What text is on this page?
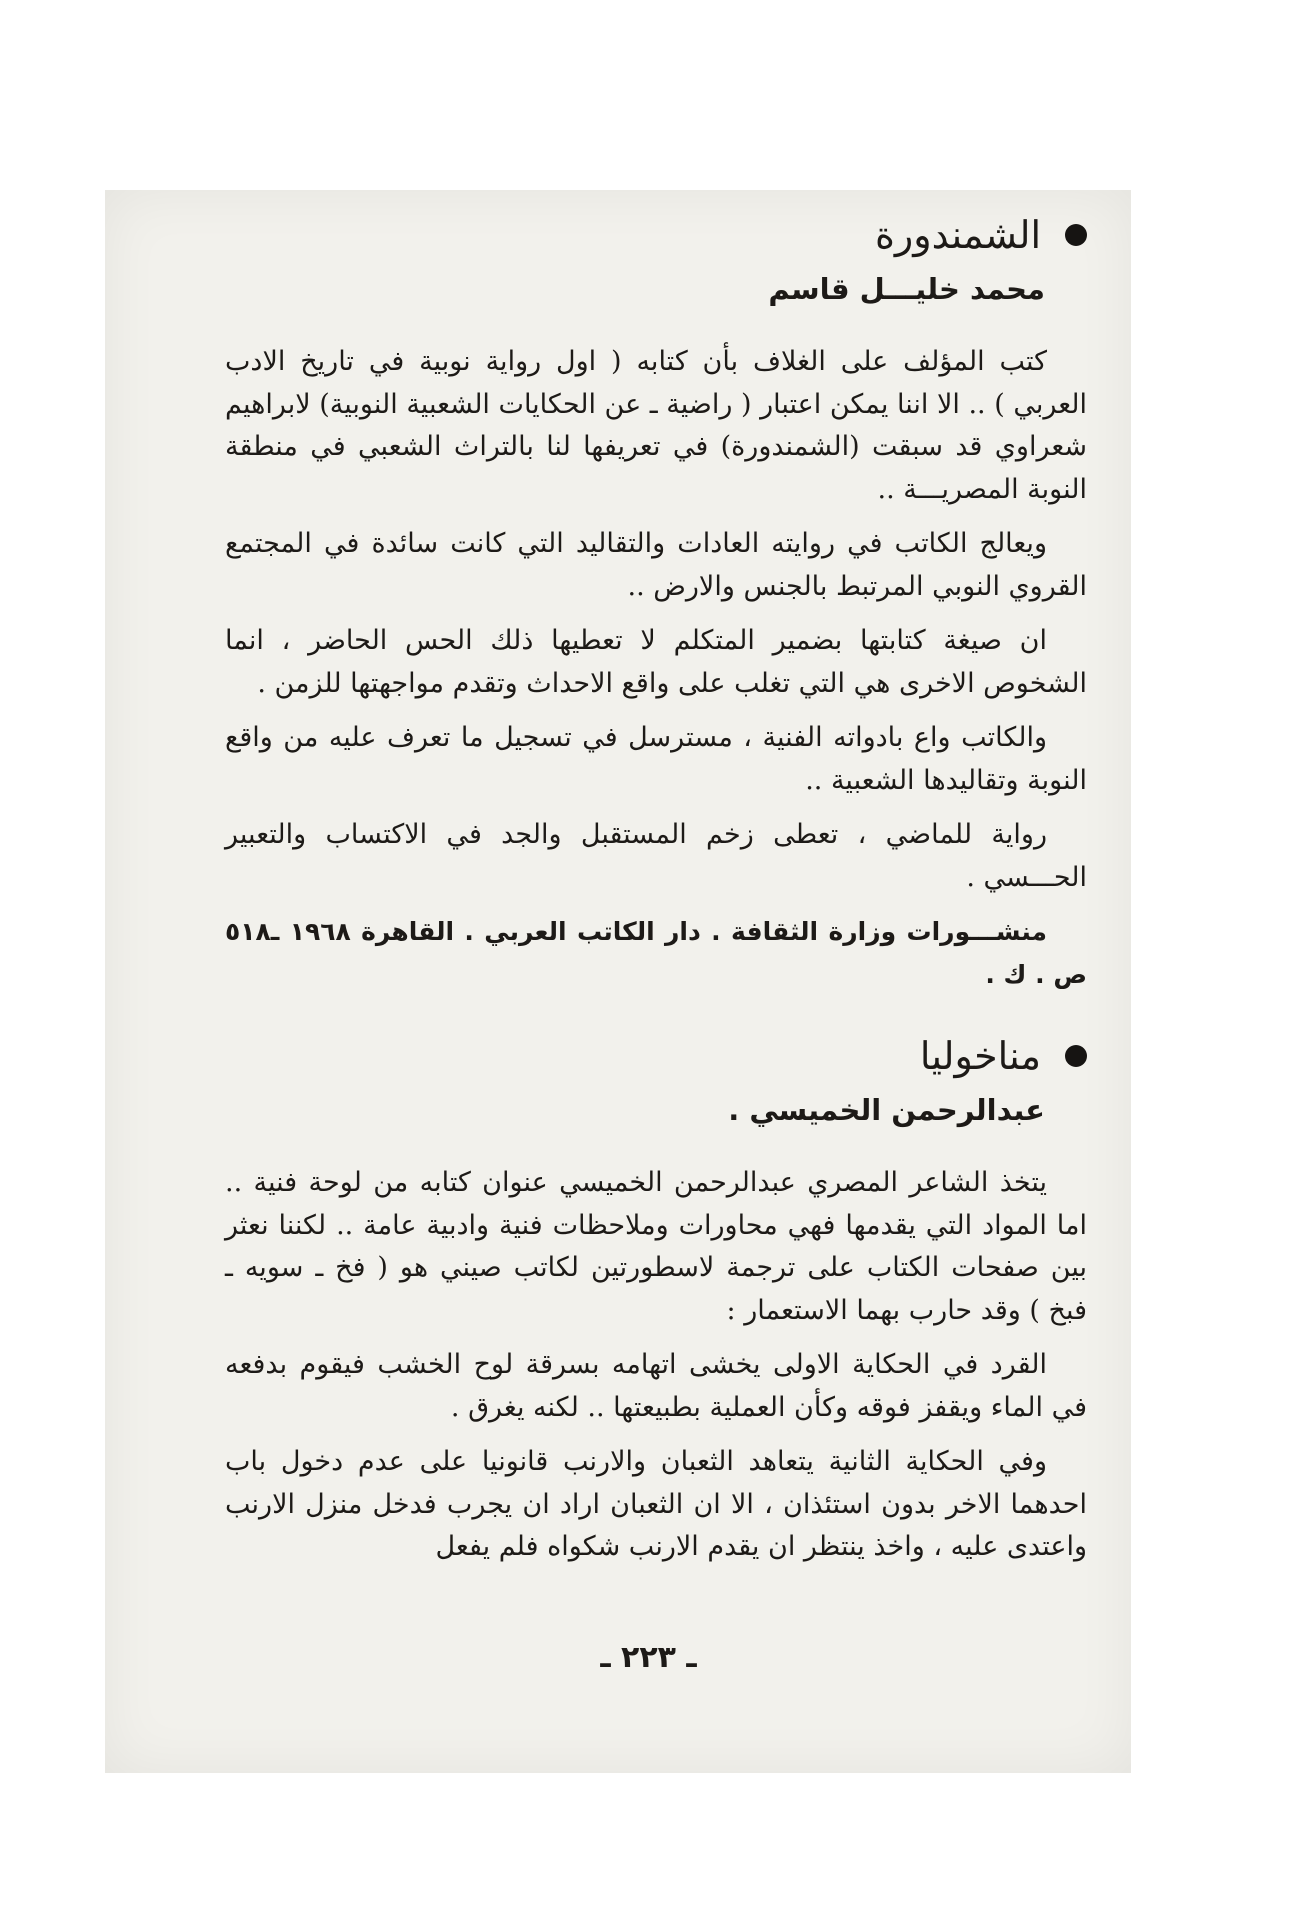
الشمندورة
محمد خليـــل قاسم

كتب المؤلف على الغلاف بأن كتابه ( اول رواية نوبية في تاريخ الادب العربي ) .. الا اننا يمكن اعتبار ( راضية ـ عن الحكايات الشعبية النوبية) لابراهيم شعراوي قد سبقت (الشمندورة) في تعريفها لنا بالتراث الشعبي في منطقة النوبة المصريـــة ..

ويعالج الكاتب في روايته العادات والتقاليد التي كانت سائدة في المجتمع القروي النوبي المرتبط بالجنس والارض ..

ان صيغة كتابتها بضمير المتكلم لا تعطيها ذلك الحس الحاضر ، انما الشخوص الاخرى هي التي تغلب على واقع الاحداث وتقدم مواجهتها للزمن .

والكاتب واع بادواته الفنية ، مسترسل في تسجيل ما تعرف عليه من واقع النوبة وتقاليدها الشعبية ..

رواية للماضي ، تعطى زخم المستقبل والجد في الاكتساب والتعبير الحـــسي .

منشـــورات وزارة الثقافة . دار الكاتب العربي . القاهرة ١٩٦٨ ـ٥١٨ ص . ك .

مناخوليا
عبدالرحمن الخميسي .

يتخذ الشاعر المصري عبدالرحمن الخميسي عنوان كتابه من لوحة فنية .. اما المواد التي يقدمها فهي محاورات وملاحظات فنية وادبية عامة .. لكننا نعثر بين صفحات الكتاب على ترجمة لاسطورتين لكاتب صيني هو ( فخ ـ سويه ـ فبخ ) وقد حارب بهما الاستعمار :

القرد في الحكاية الاولى يخشى اتهامه بسرقة لوح الخشب فيقوم بدفعه في الماء ويقفز فوقه وكأن العملية بطبيعتها .. لكنه يغرق .

وفي الحكاية الثانية يتعاهد الثعبان والارنب قانونيا على عدم دخول باب احدهما الاخر بدون استئذان ، الا ان الثعبان اراد ان يجرب فدخل منزل الارنب واعتدى عليه ، واخذ ينتظر ان يقدم الارنب شكواه فلم يفعل

ـ ٢٢٣ ـ
